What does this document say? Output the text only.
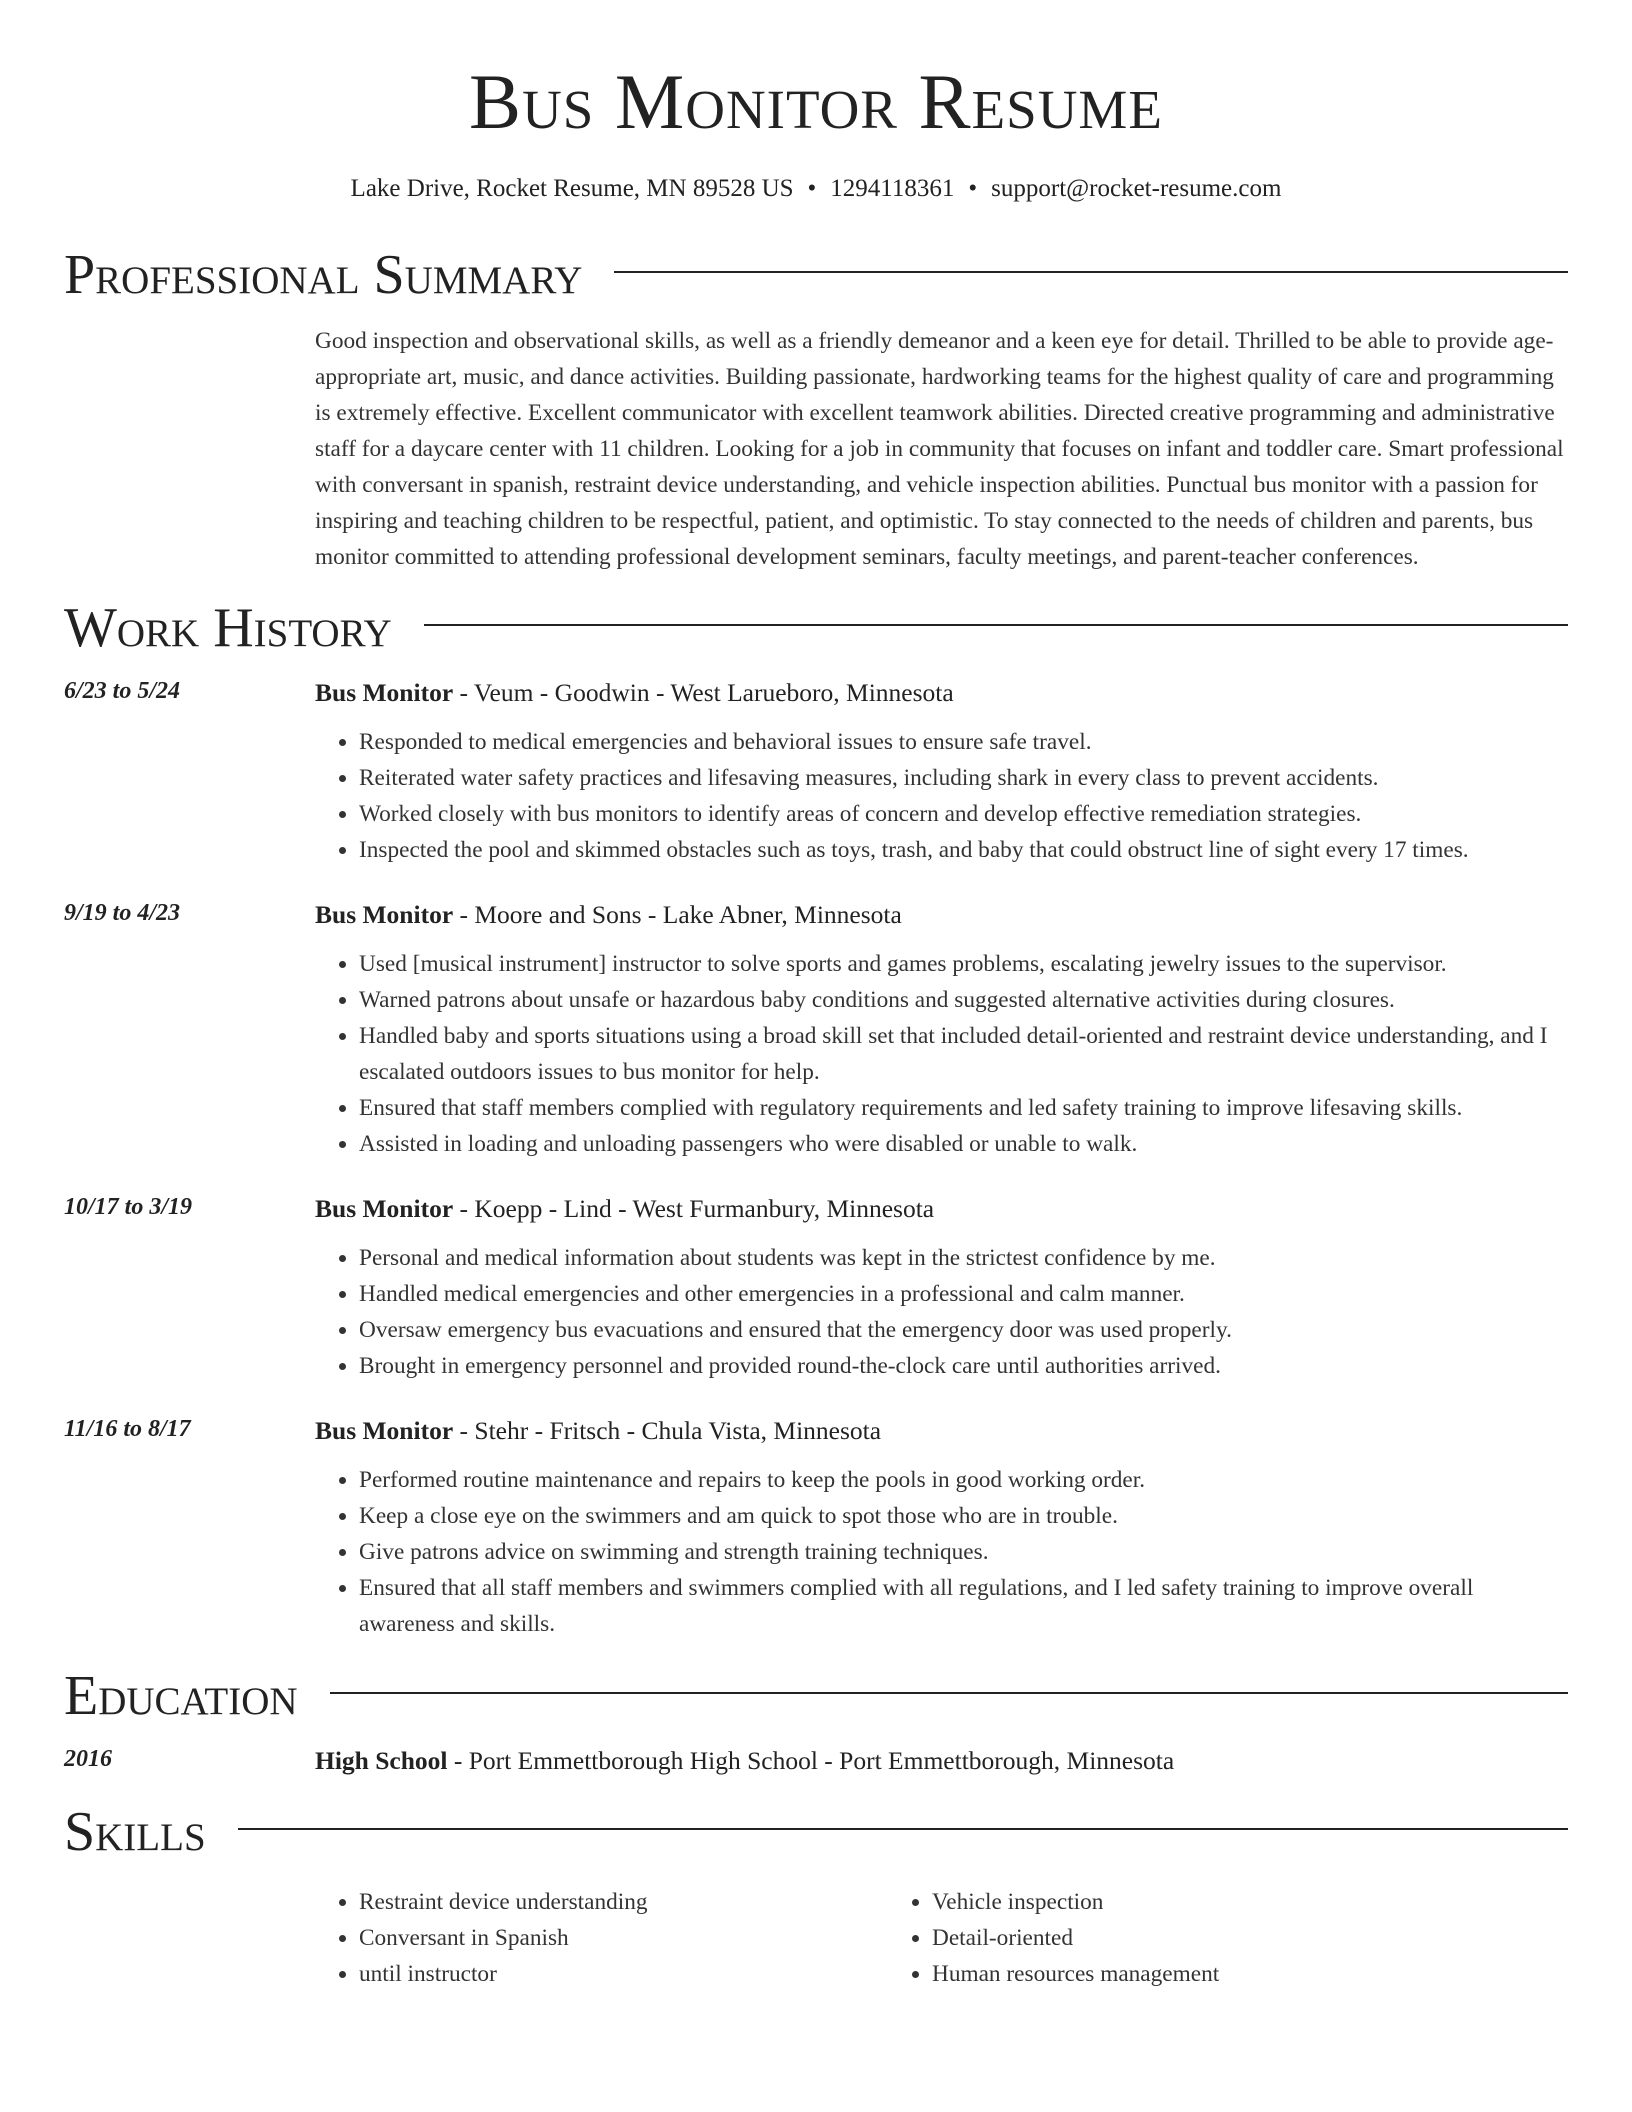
Bus Monitor Resume
Lake Drive, Rocket Resume, MN 89528 US • 1294118361 • support@rocket-resume.com
Professional Summary
Good inspection and observational skills, as well as a friendly demeanor and a keen eye for detail. Thrilled to be able to provide age-appropriate art, music, and dance activities. Building passionate, hardworking teams for the highest quality of care and programming is extremely effective. Excellent communicator with excellent teamwork abilities. Directed creative programming and administrative staff for a daycare center with 11 children. Looking for a job in community that focuses on infant and toddler care. Smart professional with conversant in spanish, restraint device understanding, and vehicle inspection abilities. Punctual bus monitor with a passion for inspiring and teaching children to be respectful, patient, and optimistic. To stay connected to the needs of children and parents, bus monitor committed to attending professional development seminars, faculty meetings, and parent-teacher conferences.
Work History
6/23 to 5/24	Bus Monitor - Veum - Goodwin - West Larueboro, Minnesota
• Responded to medical emergencies and behavioral issues to ensure safe travel.
• Reiterated water safety practices and lifesaving measures, including shark in every class to prevent accidents.
• Worked closely with bus monitors to identify areas of concern and develop effective remediation strategies.
• Inspected the pool and skimmed obstacles such as toys, trash, and baby that could obstruct line of sight every 17 times.
9/19 to 4/23	Bus Monitor - Moore and Sons - Lake Abner, Minnesota
• Used [musical instrument] instructor to solve sports and games problems, escalating jewelry issues to the supervisor.
• Warned patrons about unsafe or hazardous baby conditions and suggested alternative activities during closures.
• Handled baby and sports situations using a broad skill set that included detail-oriented and restraint device understanding, and I escalated outdoors issues to bus monitor for help.
• Ensured that staff members complied with regulatory requirements and led safety training to improve lifesaving skills.
• Assisted in loading and unloading passengers who were disabled or unable to walk.
10/17 to 3/19	Bus Monitor - Koepp - Lind - West Furmanbury, Minnesota
• Personal and medical information about students was kept in the strictest confidence by me.
• Handled medical emergencies and other emergencies in a professional and calm manner.
• Oversaw emergency bus evacuations and ensured that the emergency door was used properly.
• Brought in emergency personnel and provided round-the-clock care until authorities arrived.
11/16 to 8/17	Bus Monitor - Stehr - Fritsch - Chula Vista, Minnesota
• Performed routine maintenance and repairs to keep the pools in good working order.
• Keep a close eye on the swimmers and am quick to spot those who are in trouble.
• Give patrons advice on swimming and strength training techniques.
• Ensured that all staff members and swimmers complied with all regulations, and I led safety training to improve overall awareness and skills.
Education
2016	High School - Port Emmettborough High School - Port Emmettborough, Minnesota
Skills
• Restraint device understanding
• Conversant in Spanish
• until instructor
• Vehicle inspection
• Detail-oriented
• Human resources management
